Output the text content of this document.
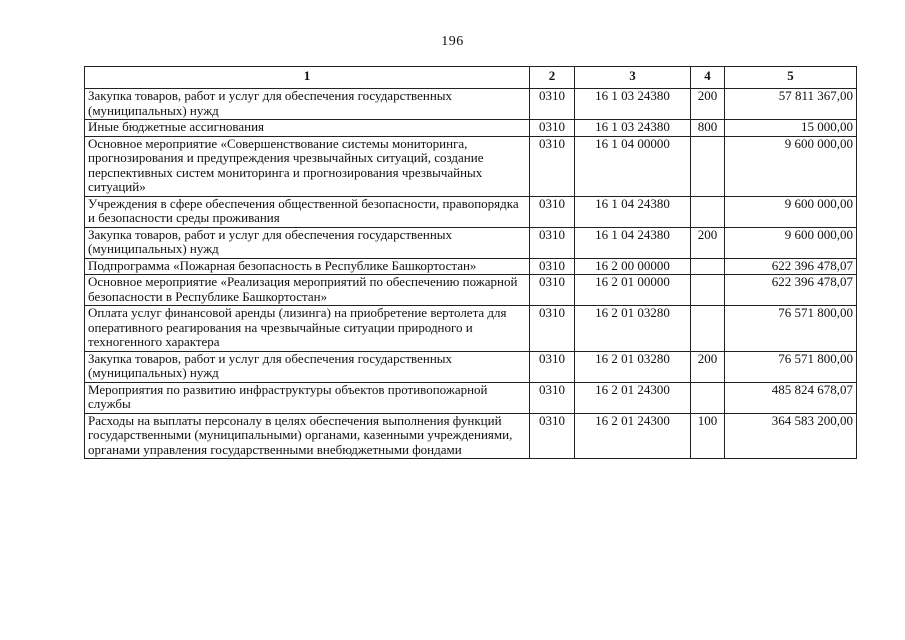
196
1	2	3	4	5
Закупка товаров, работ и услуг для обеспечения государственных (муниципальных) нужд	0310	16 1 03 24380	200	57 811 367,00
Иные бюджетные ассигнования	0310	16 1 03 24380	800	15 000,00
Основное мероприятие «Совершенствование системы мониторинга, прогнозирования и предупреждения чрезвычайных ситуаций, создание перспективных систем мониторинга и прогнозирования чрезвычайных ситуаций»	0310	16 1 04 00000		9 600 000,00
Учреждения в сфере обеспечения общественной безопасности, правопорядка и безопасности среды проживания	0310	16 1 04 24380		9 600 000,00
Закупка товаров, работ и услуг для обеспечения государственных (муниципальных) нужд	0310	16 1 04 24380	200	9 600 000,00
Подпрограмма «Пожарная безопасность в Республике Башкортостан»	0310	16 2 00 00000		622 396 478,07
Основное мероприятие «Реализация мероприятий по обеспечению пожарной безопасности в Республике Башкортостан»	0310	16 2 01 00000		622 396 478,07
Оплата услуг финансовой аренды (лизинга) на приобретение вертолета для оперативного реагирования на чрезвычайные ситуации природного и техногенного характера	0310	16 2 01 03280		76 571 800,00
Закупка товаров, работ и услуг для обеспечения государственных (муниципальных) нужд	0310	16 2 01 03280	200	76 571 800,00
Мероприятия по развитию инфраструктуры объектов противопожарной службы	0310	16 2 01 24300		485 824 678,07
Расходы на выплаты персоналу в целях обеспечения выполнения функций государственными (муниципальными) органами, казенными учреждениями, органами управления государственными внебюджетными фондами	0310	16 2 01 24300	100	364 583 200,00
